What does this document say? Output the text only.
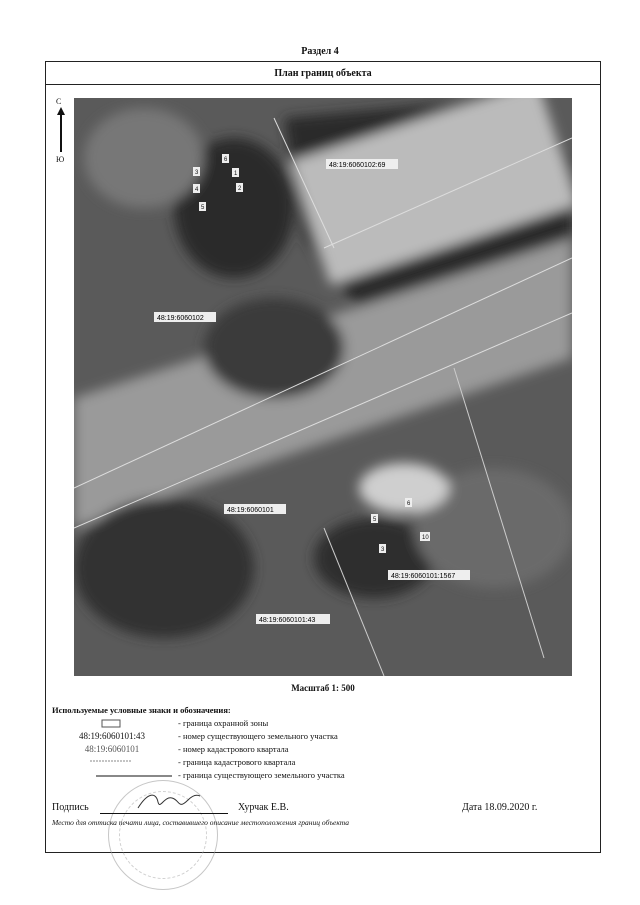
Раздел 4
План границ объекта
С
Ю
48:19:6060102:69
48:19:6060102
48:19:6060101
48:19:6060101:1567
48:19:6060101:43
6
3
4
5
1
2
5
6
3
10
Масштаб 1: 500
Используемые условные знаки и обозначения:
- граница охранной зоны
48:19:6060101:43	- номер существующего земельного участка
48:19:6060101	- номер кадастрового квартала
- граница кадастрового квартала
- граница существующего земельного участка
Подпись	Хурчак Е.В.	Дата 18.09.2020 г.
Место для оттиска печати лица, составившего описание местоположения границ объекта
